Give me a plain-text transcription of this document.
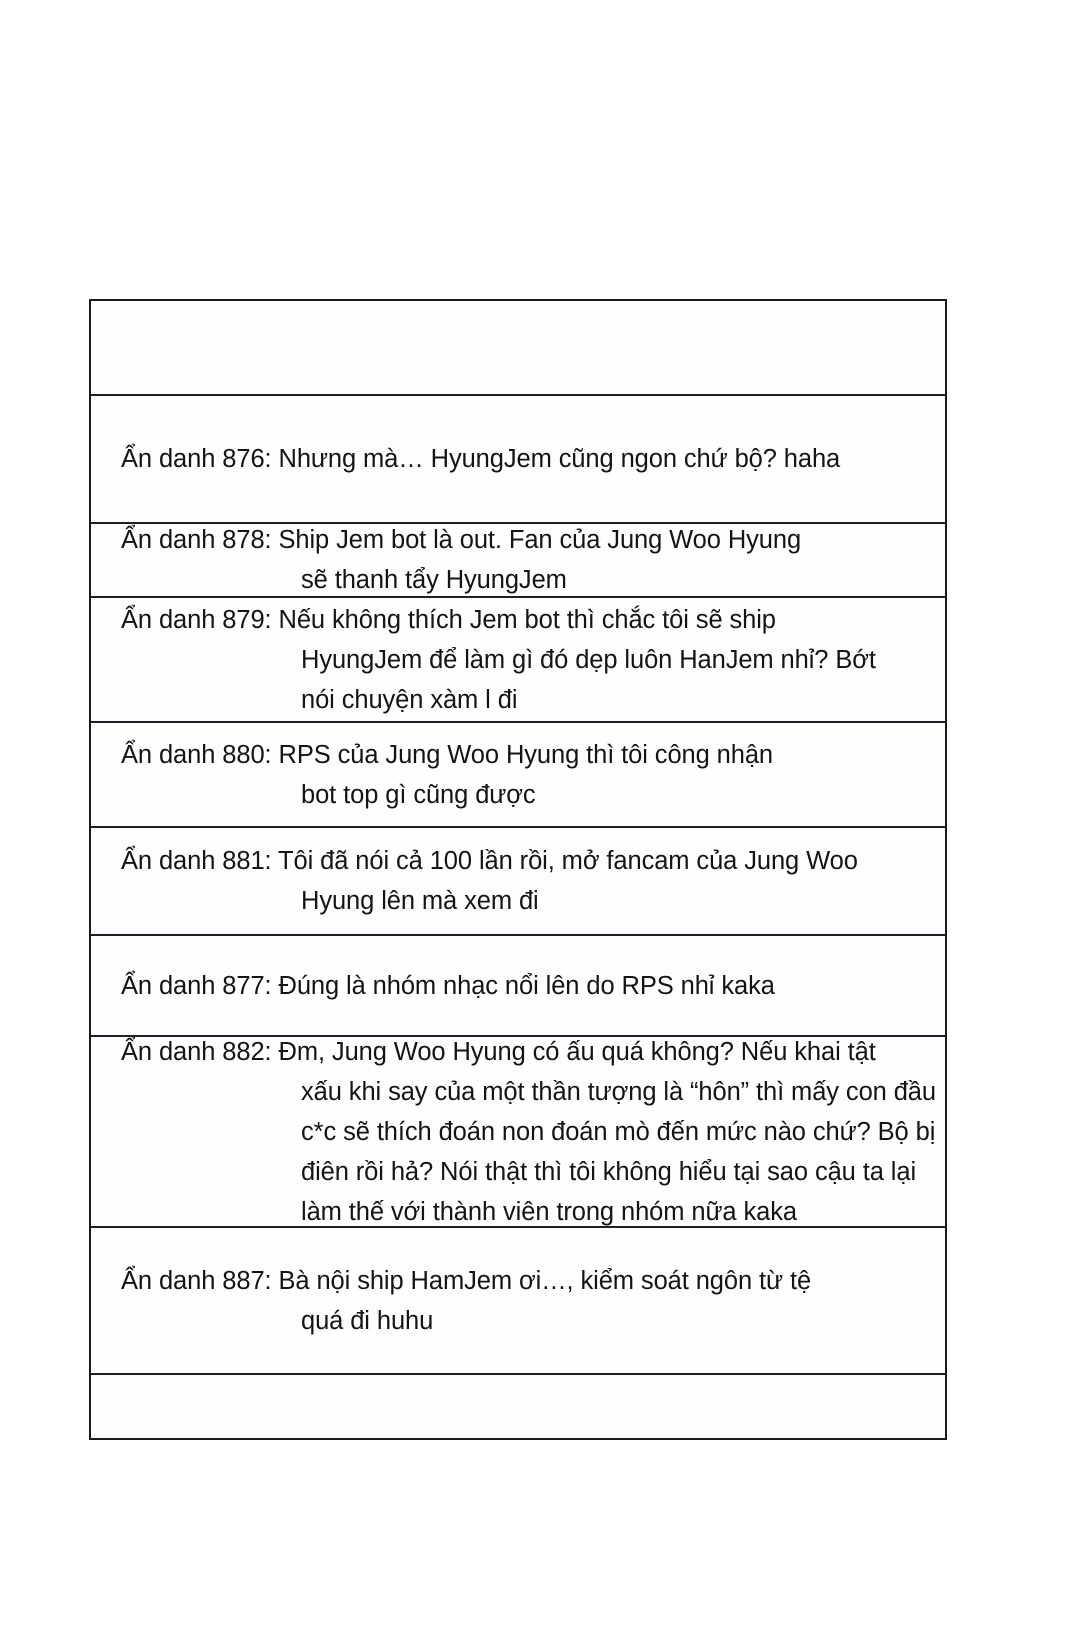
Ẩn danh 876: Nhưng mà… HyungJem cũng ngon chứ bộ? haha
Ẩn danh 878: Ship Jem bot là out. Fan của Jung Woo Hyung
sẽ thanh tẩy HyungJem
Ẩn danh 879: Nếu không thích Jem bot thì chắc tôi sẽ ship
HyungJem để làm gì đó dẹp luôn HanJem nhỉ? Bớt
nói chuyện xàm l đi
Ẩn danh 880: RPS của Jung Woo Hyung thì tôi công nhận
bot top gì cũng được
Ẩn danh 881: Tôi đã nói cả 100 lần rồi, mở fancam của Jung Woo
Hyung lên mà xem đi
Ẩn danh 877: Đúng là nhóm nhạc nổi lên do RPS nhỉ kaka
Ẩn danh 882: Đm, Jung Woo Hyung có ấu quá không? Nếu khai tật
xấu khi say của một thần tượng là “hôn” thì mấy con đầu
c*c sẽ thích đoán non đoán mò đến mức nào chứ? Bộ bị
điên rồi hả? Nói thật thì tôi không hiểu tại sao cậu ta lại
làm thế với thành viên trong nhóm nữa kaka
Ẩn danh 887: Bà nội ship HamJem ơi…, kiểm soát ngôn từ tệ
quá đi huhu
